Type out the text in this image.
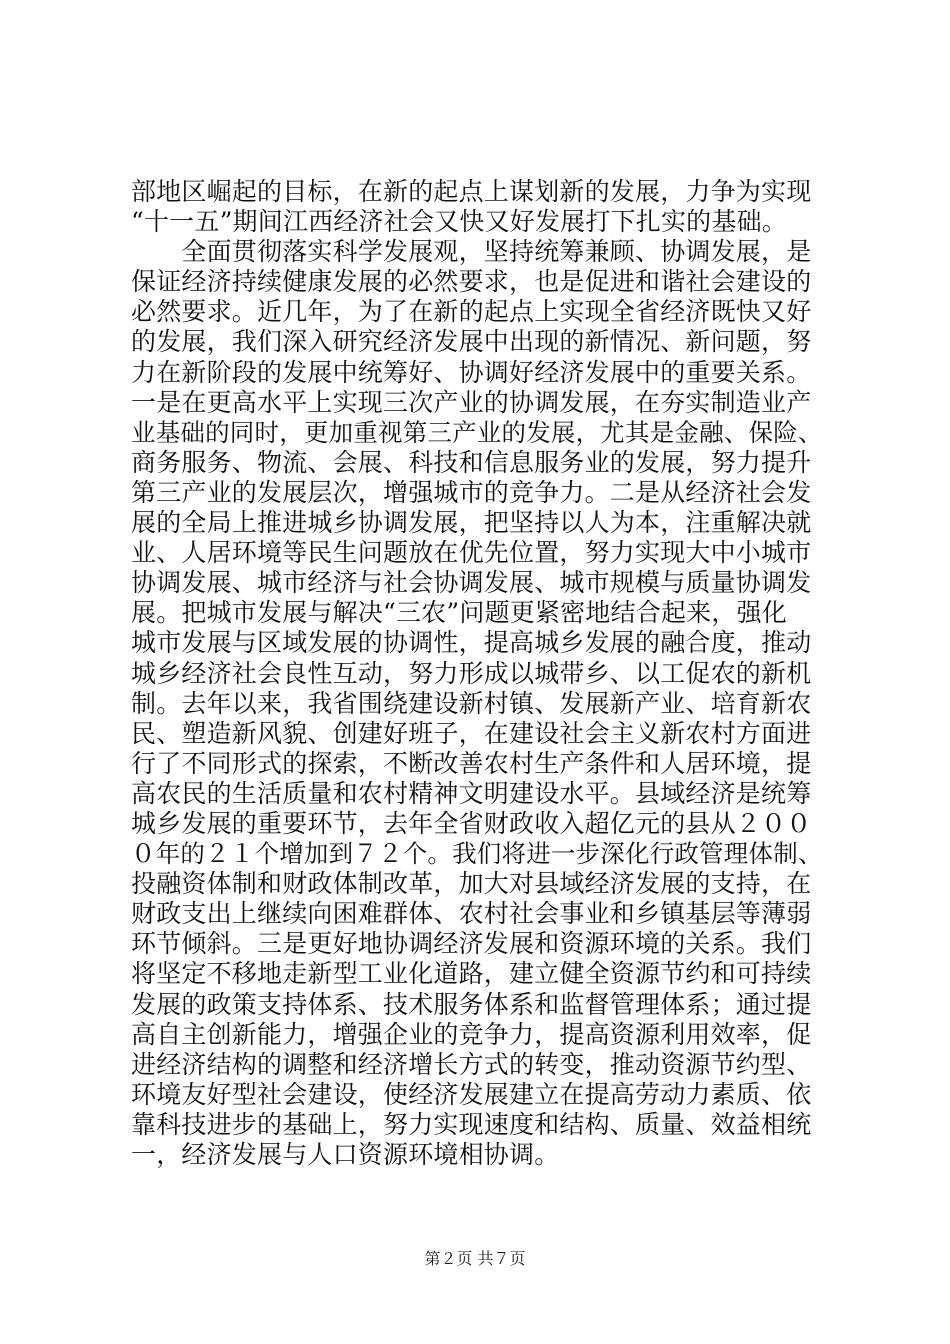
部地区崛起的目标，在新的起点上谋划新的发展，力争为实现
“十一五”期间江西经济社会又快又好发展打下扎实的基础。
　　全面贯彻落实科学发展观，坚持统筹兼顾、协调发展，是
保证经济持续健康发展的必然要求，也是促进和谐社会建设的
必然要求。近几年，为了在新的起点上实现全省经济既快又好
的发展，我们深入研究经济发展中出现的新情况、新问题，努
力在新阶段的发展中统筹好、协调好经济发展中的重要关系。
一是在更高水平上实现三次产业的协调发展，在夯实制造业产
业基础的同时，更加重视第三产业的发展，尤其是金融、保险、
商务服务、物流、会展、科技和信息服务业的发展，努力提升
第三产业的发展层次，增强城市的竞争力。二是从经济社会发
展的全局上推进城乡协调发展，把坚持以人为本，注重解决就
业、人居环境等民生问题放在优先位置，努力实现大中小城市
协调发展、城市经济与社会协调发展、城市规模与质量协调发
展。把城市发展与解决“三农”问题更紧密地结合起来，强化
城市发展与区域发展的协调性，提高城乡发展的融合度，推动
城乡经济社会良性互动，努力形成以城带乡、以工促农的新机
制。去年以来，我省围绕建设新村镇、发展新产业、培育新农
民、塑造新风貌、创建好班子，在建设社会主义新农村方面进
行了不同形式的探索，不断改善农村生产条件和人居环境，提
高农民的生活质量和农村精神文明建设水平。县域经济是统筹
城乡发展的重要环节，去年全省财政收入超亿元的县从２００
０年的２１个增加到７２个。我们将进一步深化行政管理体制、
投融资体制和财政体制改革，加大对县域经济发展的支持，在
财政支出上继续向困难群体、农村社会事业和乡镇基层等薄弱
环节倾斜。三是更好地协调经济发展和资源环境的关系。我们
将坚定不移地走新型工业化道路，建立健全资源节约和可持续
发展的政策支持体系、技术服务体系和监督管理体系；通过提
高自主创新能力，增强企业的竞争力，提高资源利用效率，促
进经济结构的调整和经济增长方式的转变，推动资源节约型、
环境友好型社会建设，使经济发展建立在提高劳动力素质、依
靠科技进步的基础上，努力实现速度和结构、质量、效益相统
一，经济发展与人口资源环境相协调。
第２页 共７页
